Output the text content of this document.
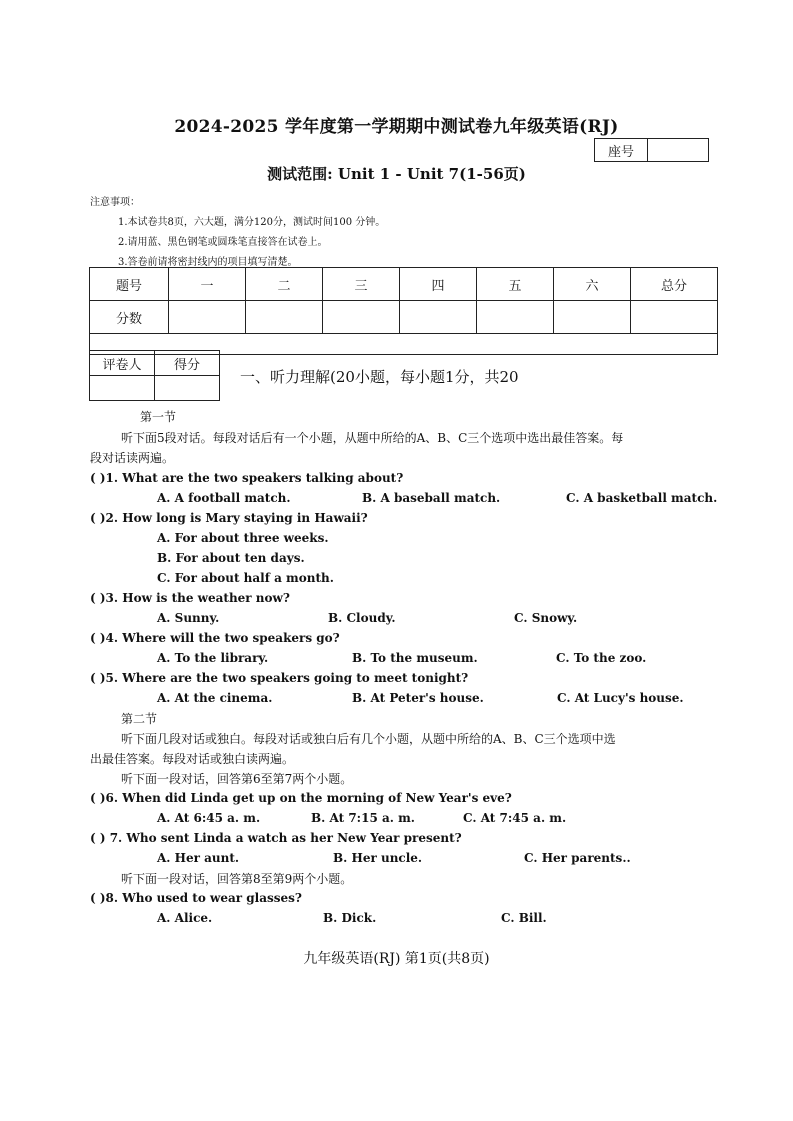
2024-2025 学年度第一学期期中测试卷九年级英语(RJ)
座号	
测试范围: Unit 1 - Unit 7(1-56页)
注意事项：
1.本试卷共8页，六大题，满分120分，测试时间100 分钟。
2.请用蓝、黑色钢笔或圆珠笔直接答在试卷上。
3.答卷前请将密封线内的项目填写清楚。
题号	一	二	三	四	五	六	总分
分数							

评卷人	得分

一、听力理解(20小题，每小题1分，共20
第一节
听下面5段对话。每段对话后有一个小题，从题中所给的A、B、C三个选项中选出最佳答案。每
段对话读两遍。
( )1. What are the two speakers talking about?
A. A football match.	B. A baseball match.	C. A basketball match.
( )2. How long is Mary staying in Hawaii?
A. For about three weeks.
B. For about ten days.
C. For about half a month.
( )3. How is the weather now?
A. Sunny.	B. Cloudy.	C. Snowy.
( )4. Where will the two speakers go?
A. To the library.	B. To the museum.	C. To the zoo.
( )5. Where are the two speakers going to meet tonight?
A. At the cinema.	B. At Peter's house.	C. At Lucy's house.
第二节
听下面几段对话或独白。每段对话或独白后有几个小题，从题中所给的A、B、C三个选项中选
出最佳答案。每段对话或独白读两遍。
听下面一段对话，回答第6至第7两个小题。
( )6. When did Linda get up on the morning of New Year's eve?
A. At 6:45 a. m.	B. At 7:15 a. m.	C. At 7:45 a. m.
( ) 7. Who sent Linda a watch as her New Year present?
A. Her aunt.	B. Her uncle.	C. Her parents..
听下面一段对话，回答第8至第9两个小题。
( )8. Who used to wear glasses?
A. Alice.	B. Dick.	C. Bill.
九年级英语(RJ) 第1页(共8页)
